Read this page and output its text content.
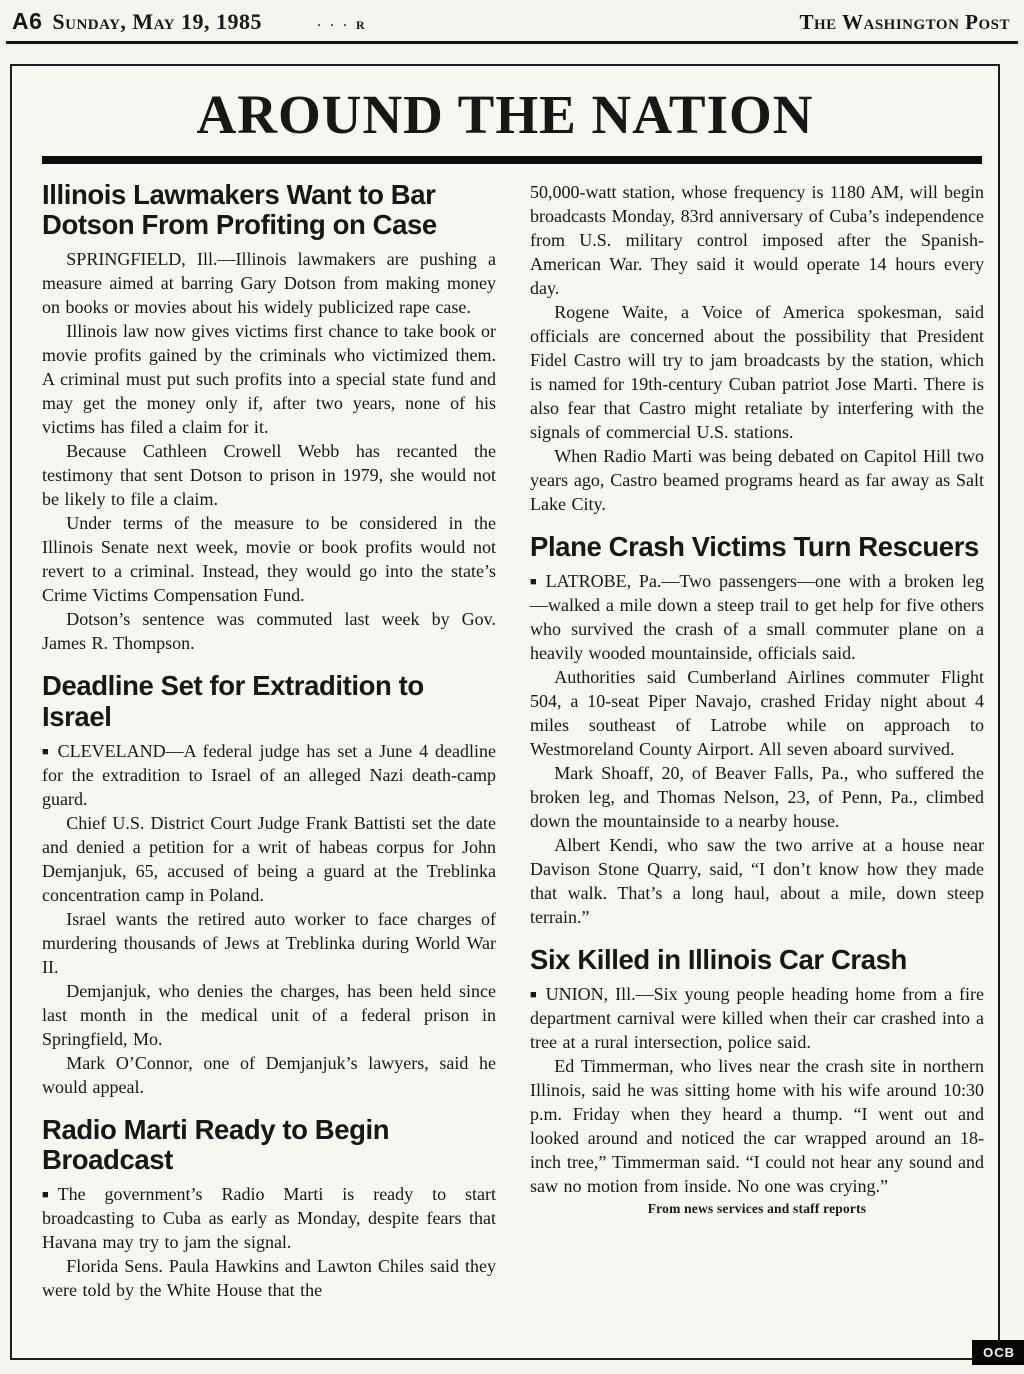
A6 Sunday, May 19, 1985	· · · R	The Washington Post
AROUND THE NATION
Illinois Lawmakers Want to Bar Dotson From Profiting on Case

SPRINGFIELD, Ill.—Illinois lawmakers are pushing a measure aimed at barring Gary Dotson from making money on books or movies about his widely publicized rape case.

Illinois law now gives victims first chance to take book or movie profits gained by the criminals who victimized them. A criminal must put such profits into a special state fund and may get the money only if, after two years, none of his victims has filed a claim for it.

Because Cathleen Crowell Webb has recanted the testimony that sent Dotson to prison in 1979, she would not be likely to file a claim.

Under terms of the measure to be considered in the Illinois Senate next week, movie or book profits would not revert to a criminal. Instead, they would go into the state’s Crime Victims Compensation Fund.

Dotson’s sentence was commuted last week by Gov. James R. Thompson.

Deadline Set for Extradition to Israel

■ CLEVELAND—A federal judge has set a June 4 deadline for the extradition to Israel of an alleged Nazi death-camp guard.

Chief U.S. District Court Judge Frank Battisti set the date and denied a petition for a writ of habeas corpus for John Demjanjuk, 65, accused of being a guard at the Treblinka concentration camp in Poland.

Israel wants the retired auto worker to face charges of murdering thousands of Jews at Treblinka during World War II.

Demjanjuk, who denies the charges, has been held since last month in the medical unit of a federal prison in Springfield, Mo.

Mark O’Connor, one of Demjanjuk’s lawyers, said he would appeal.

Radio Marti Ready to Begin Broadcast

■ The government’s Radio Marti is ready to start broadcasting to Cuba as early as Monday, despite fears that Havana may try to jam the signal.

Florida Sens. Paula Hawkins and Lawton Chiles said they were told by the White House that the

50,000-watt station, whose frequency is 1180 AM, will begin broadcasts Monday, 83rd anniversary of Cuba’s independence from U.S. military control imposed after the Spanish-American War. They said it would operate 14 hours every day.

Rogene Waite, a Voice of America spokesman, said officials are concerned about the possibility that President Fidel Castro will try to jam broadcasts by the station, which is named for 19th-century Cuban patriot Jose Marti. There is also fear that Castro might retaliate by interfering with the signals of commercial U.S. stations.

When Radio Marti was being debated on Capitol Hill two years ago, Castro beamed programs heard as far away as Salt Lake City.

Plane Crash Victims Turn Rescuers

■ LATROBE, Pa.—Two passengers—one with a broken leg—walked a mile down a steep trail to get help for five others who survived the crash of a small commuter plane on a heavily wooded mountainside, officials said.

Authorities said Cumberland Airlines commuter Flight 504, a 10-seat Piper Navajo, crashed Friday night about 4 miles southeast of Latrobe while on approach to Westmoreland County Airport. All seven aboard survived.

Mark Shoaff, 20, of Beaver Falls, Pa., who suffered the broken leg, and Thomas Nelson, 23, of Penn, Pa., climbed down the mountainside to a nearby house.

Albert Kendi, who saw the two arrive at a house near Davison Stone Quarry, said, “I don’t know how they made that walk. That’s a long haul, about a mile, down steep terrain.”

Six Killed in Illinois Car Crash

■ UNION, Ill.—Six young people heading home from a fire department carnival were killed when their car crashed into a tree at a rural intersection, police said.

Ed Timmerman, who lives near the crash site in northern Illinois, said he was sitting home with his wife around 10:30 p.m. Friday when they heard a thump. “I went out and looked around and noticed the car wrapped around an 18-inch tree,” Timmerman said. “I could not hear any sound and saw no motion from inside. No one was crying.”

From news services and staff reports
OCB
